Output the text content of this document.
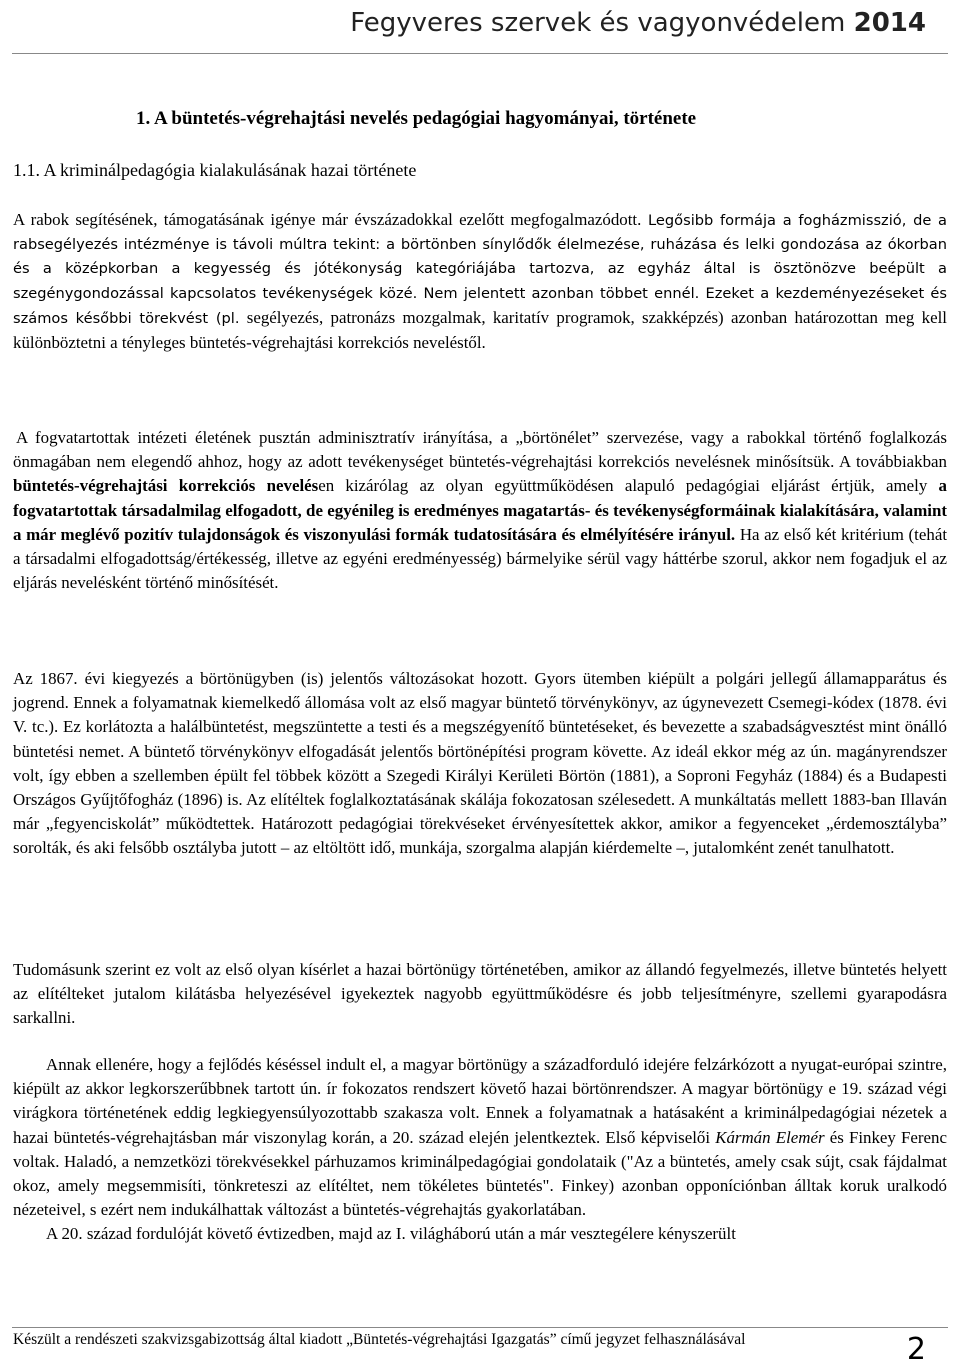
Fegyveres szervek és vagyonvédelem 2014
1. A büntetés-végrehajtási nevelés pedagógiai hagyományai, története
1.1. A kriminálpedagógia kialakulásának hazai története

A rabok segítésének, támogatásának igénye már évszázadokkal ezelőtt megfogalmazódott. Legősibb formája a fogházmisszió, de a rabsegélyezés intézménye is távoli múltra tekint: a börtönben sínylődők élelmezése, ruházása és lelki gondozása az ókorban és a középkorban a kegyesség és jótékonyság kategóriájába tartozva, az egyház által is ösztönözve beépült a szegénygondozással kapcsolatos tevékenységek közé. Nem jelentett azonban többet ennél. Ezeket a kezdeményezéseket és számos későbbi törekvést (pl. segélyezés, patronázs mozgalmak, karitatív programok, szakképzés) azonban határozottan meg kell különböztetni a tényleges büntetés-végrehajtási korrekciós neveléstől.

A fogvatartottak intézeti életének pusztán adminisztratív irányítása, a „börtönélet” szervezése, vagy a rabokkal történő foglalkozás önmagában nem elegendő ahhoz, hogy az adott tevékenységet büntetés-végrehajtási korrekciós nevelésnek minősítsük. A továbbiakban büntetés-végrehajtási korrekciós nevelésen kizárólag az olyan együttműködésen alapuló pedagógiai eljárást értjük, amely a fogvatartottak társadalmilag elfogadott, de egyénileg is eredményes magatartás- és tevékenységformáinak kialakítására, valamint a már meglévő pozitív tulajdonságok és viszonyulási formák tudatosítására és elmélyítésére irányul. Ha az első két kritérium (tehát a társadalmi elfogadottság/értékesség, illetve az egyéni eredményesség) bármelyike sérül vagy háttérbe szorul, akkor nem fogadjuk el az eljárás nevelésként történő minősítését.

Az 1867. évi kiegyezés a börtönügyben (is) jelentős változásokat hozott. Gyors ütemben kiépült a polgári jellegű államapparátus és jogrend. Ennek a folyamatnak kiemelkedő állomása volt az első magyar büntető törvénykönyv, az úgynevezett Csemegi-kódex (1878. évi V. tc.). Ez korlátozta a halálbüntetést, megszüntette a testi és a megszégyenítő büntetéseket, és bevezette a szabadságvesztést mint önálló büntetési nemet. A büntető törvénykönyv elfogadását jelentős börtönépítési program követte. Az ideál ekkor még az ún. magányrendszer volt, így ebben a szellemben épült fel többek között a Szegedi Királyi Kerületi Börtön (1881), a Soproni Fegyház (1884) és a Budapesti Országos Gyűjtőfogház (1896) is. Az elítéltek foglalkoztatásának skálája fokozatosan szélesedett. A munkáltatás mellett 1883-ban Illaván már „fegyenciskolát” működtettek. Határozott pedagógiai törekvéseket érvényesítettek akkor, amikor a fegyenceket „érdemosztályba” sorolták, és aki felsőbb osztályba jutott – az eltöltött idő, munkája, szorgalma alapján kiérdemelte –, jutalomként zenét tanulhatott.

Tudomásunk szerint ez volt az első olyan kísérlet a hazai börtönügy történetében, amikor az állandó fegyelmezés, illetve büntetés helyett az elítélteket jutalom kilátásba helyezésével igyekeztek nagyobb együttműködésre és jobb teljesítményre, szellemi gyarapodásra sarkallni.

Annak ellenére, hogy a fejlődés késéssel indult el, a magyar börtönügy a századforduló idejére felzárkózott a nyugat-európai szintre, kiépült az akkor legkorszerűbbnek tartott ún. ír fokozatos rendszert követő hazai börtönrendszer. A magyar börtönügy e 19. század végi virágkora történetének eddig legkiegyensúlyozottabb szakasza volt. Ennek a folyamatnak a hatásaként a kriminálpedagógiai nézetek a hazai büntetés-végrehajtásban már viszonylag korán, a 20. század elején jelentkeztek. Első képviselői Kármán Elemér és Finkey Ferenc voltak. Haladó, a nemzetközi törekvésekkel párhuzamos kriminálpedagógiai gondolataik ("Az a büntetés, amely csak sújt, csak fájdalmat okoz, amely megsemmisíti, tönkreteszi az elítéltet, nem tökéletes büntetés". Finkey) azonban opponíciónban álltak koruk uralkodó nézeteivel, s ezért nem indukálhattak változást a büntetés-végrehajtás gyakorlatában.

A 20. század fordulóját követő évtizedben, majd az I. világháború után a már vesztegélere kényszerült

Készült a rendészeti szakvizsgabizottság által kiadott „Büntetés-végrehajtási Igazgatás” című jegyzet felhasználásával	2
